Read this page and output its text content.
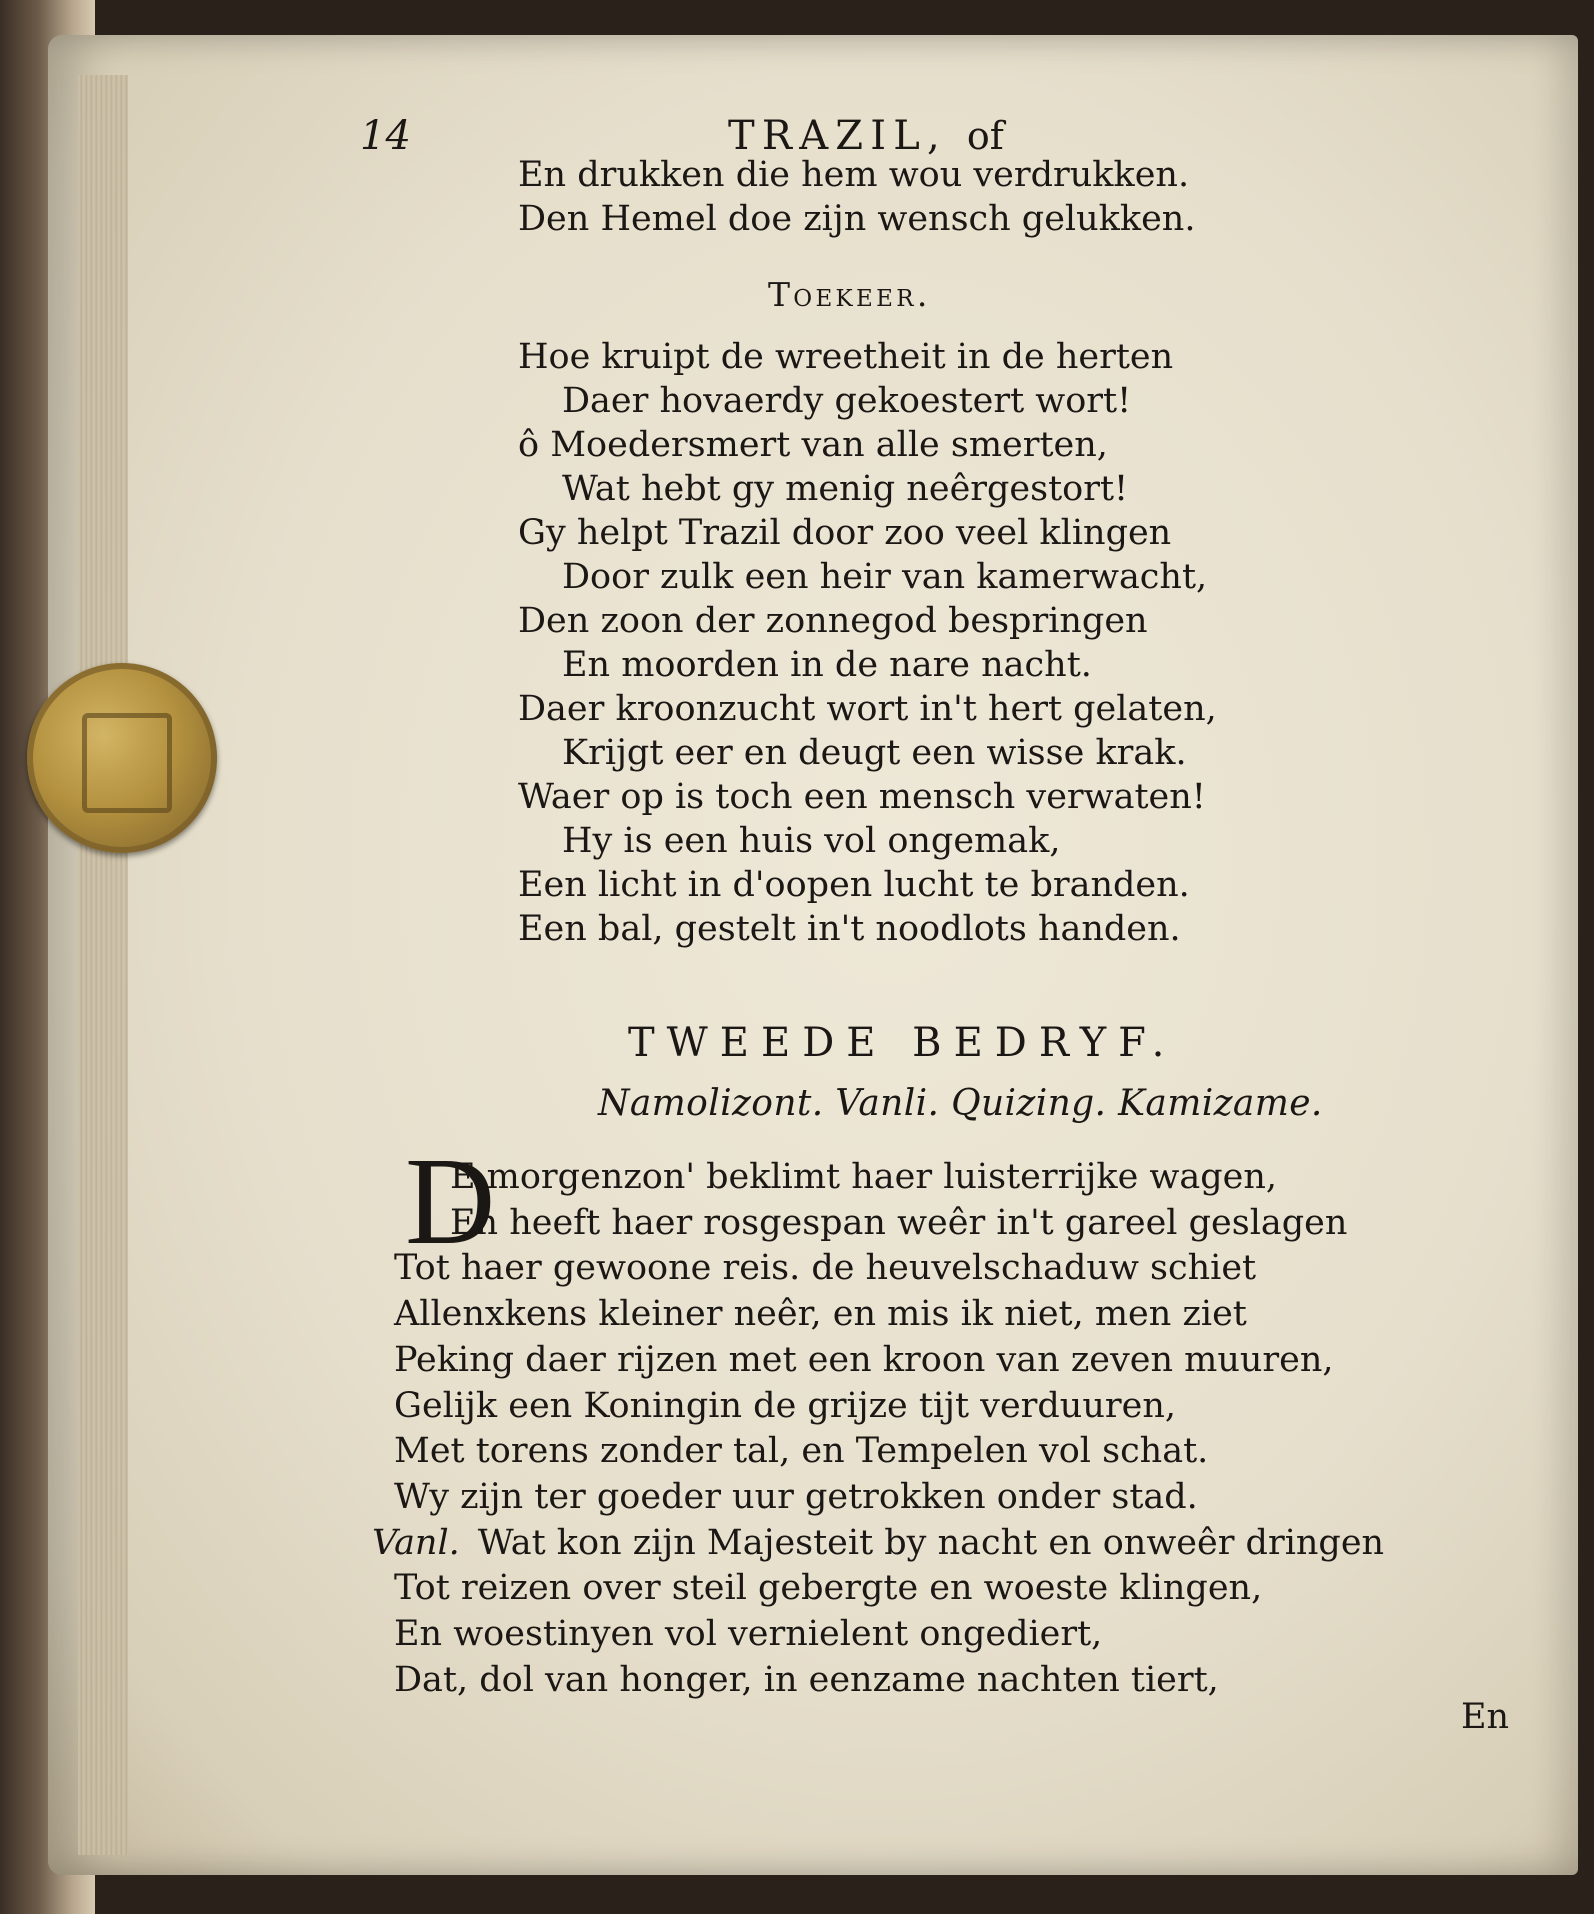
14	TRAZIL, of
En drukken die hem wou verdrukken.
Den Hemel doe zijn wensch gelukken.
Toekeer.
Hoe kruipt de wreetheit in de herten
Daer hovaerdy gekoestert wort!
ô Moedersmert van alle smerten,
Wat hebt gy menig neêrgestort!
Gy helpt Trazil door zoo veel klingen
Door zulk een heir van kamerwacht,
Den zoon der zonnegod bespringen
En moorden in de nare nacht.
Daer kroonzucht wort in't hert gelaten,
Krijgt eer en deugt een wisse krak.
Waer op is toch een mensch verwaten!
Hy is een huis vol ongemak,
Een licht in d'oopen lucht te branden.
Een bal, gestelt in't noodlots handen.
TWEEDE BEDRYF.
Namolizont. Vanli. Quizing. Kamizame.
D
E morgenzon' beklimt haer luisterrijke wagen,
En heeft haer rosgespan weêr in't gareel geslagen
Tot haer gewoone reis. de heuvelschaduw schiet
Allenxkens kleiner neêr, en mis ik niet, men ziet
Peking daer rijzen met een kroon van zeven muuren,
Gelijk een Koningin de grijze tijt verduuren,
Met torens zonder tal, en Tempelen vol schat.
Wy zijn ter goeder uur getrokken onder stad.
Vanl. Wat kon zijn Majesteit by nacht en onweêr dringen
Tot reizen over steil gebergte en woeste klingen,
En woestinyen vol vernielent ongediert,
Dat, dol van honger, in eenzame nachten tiert,
En
